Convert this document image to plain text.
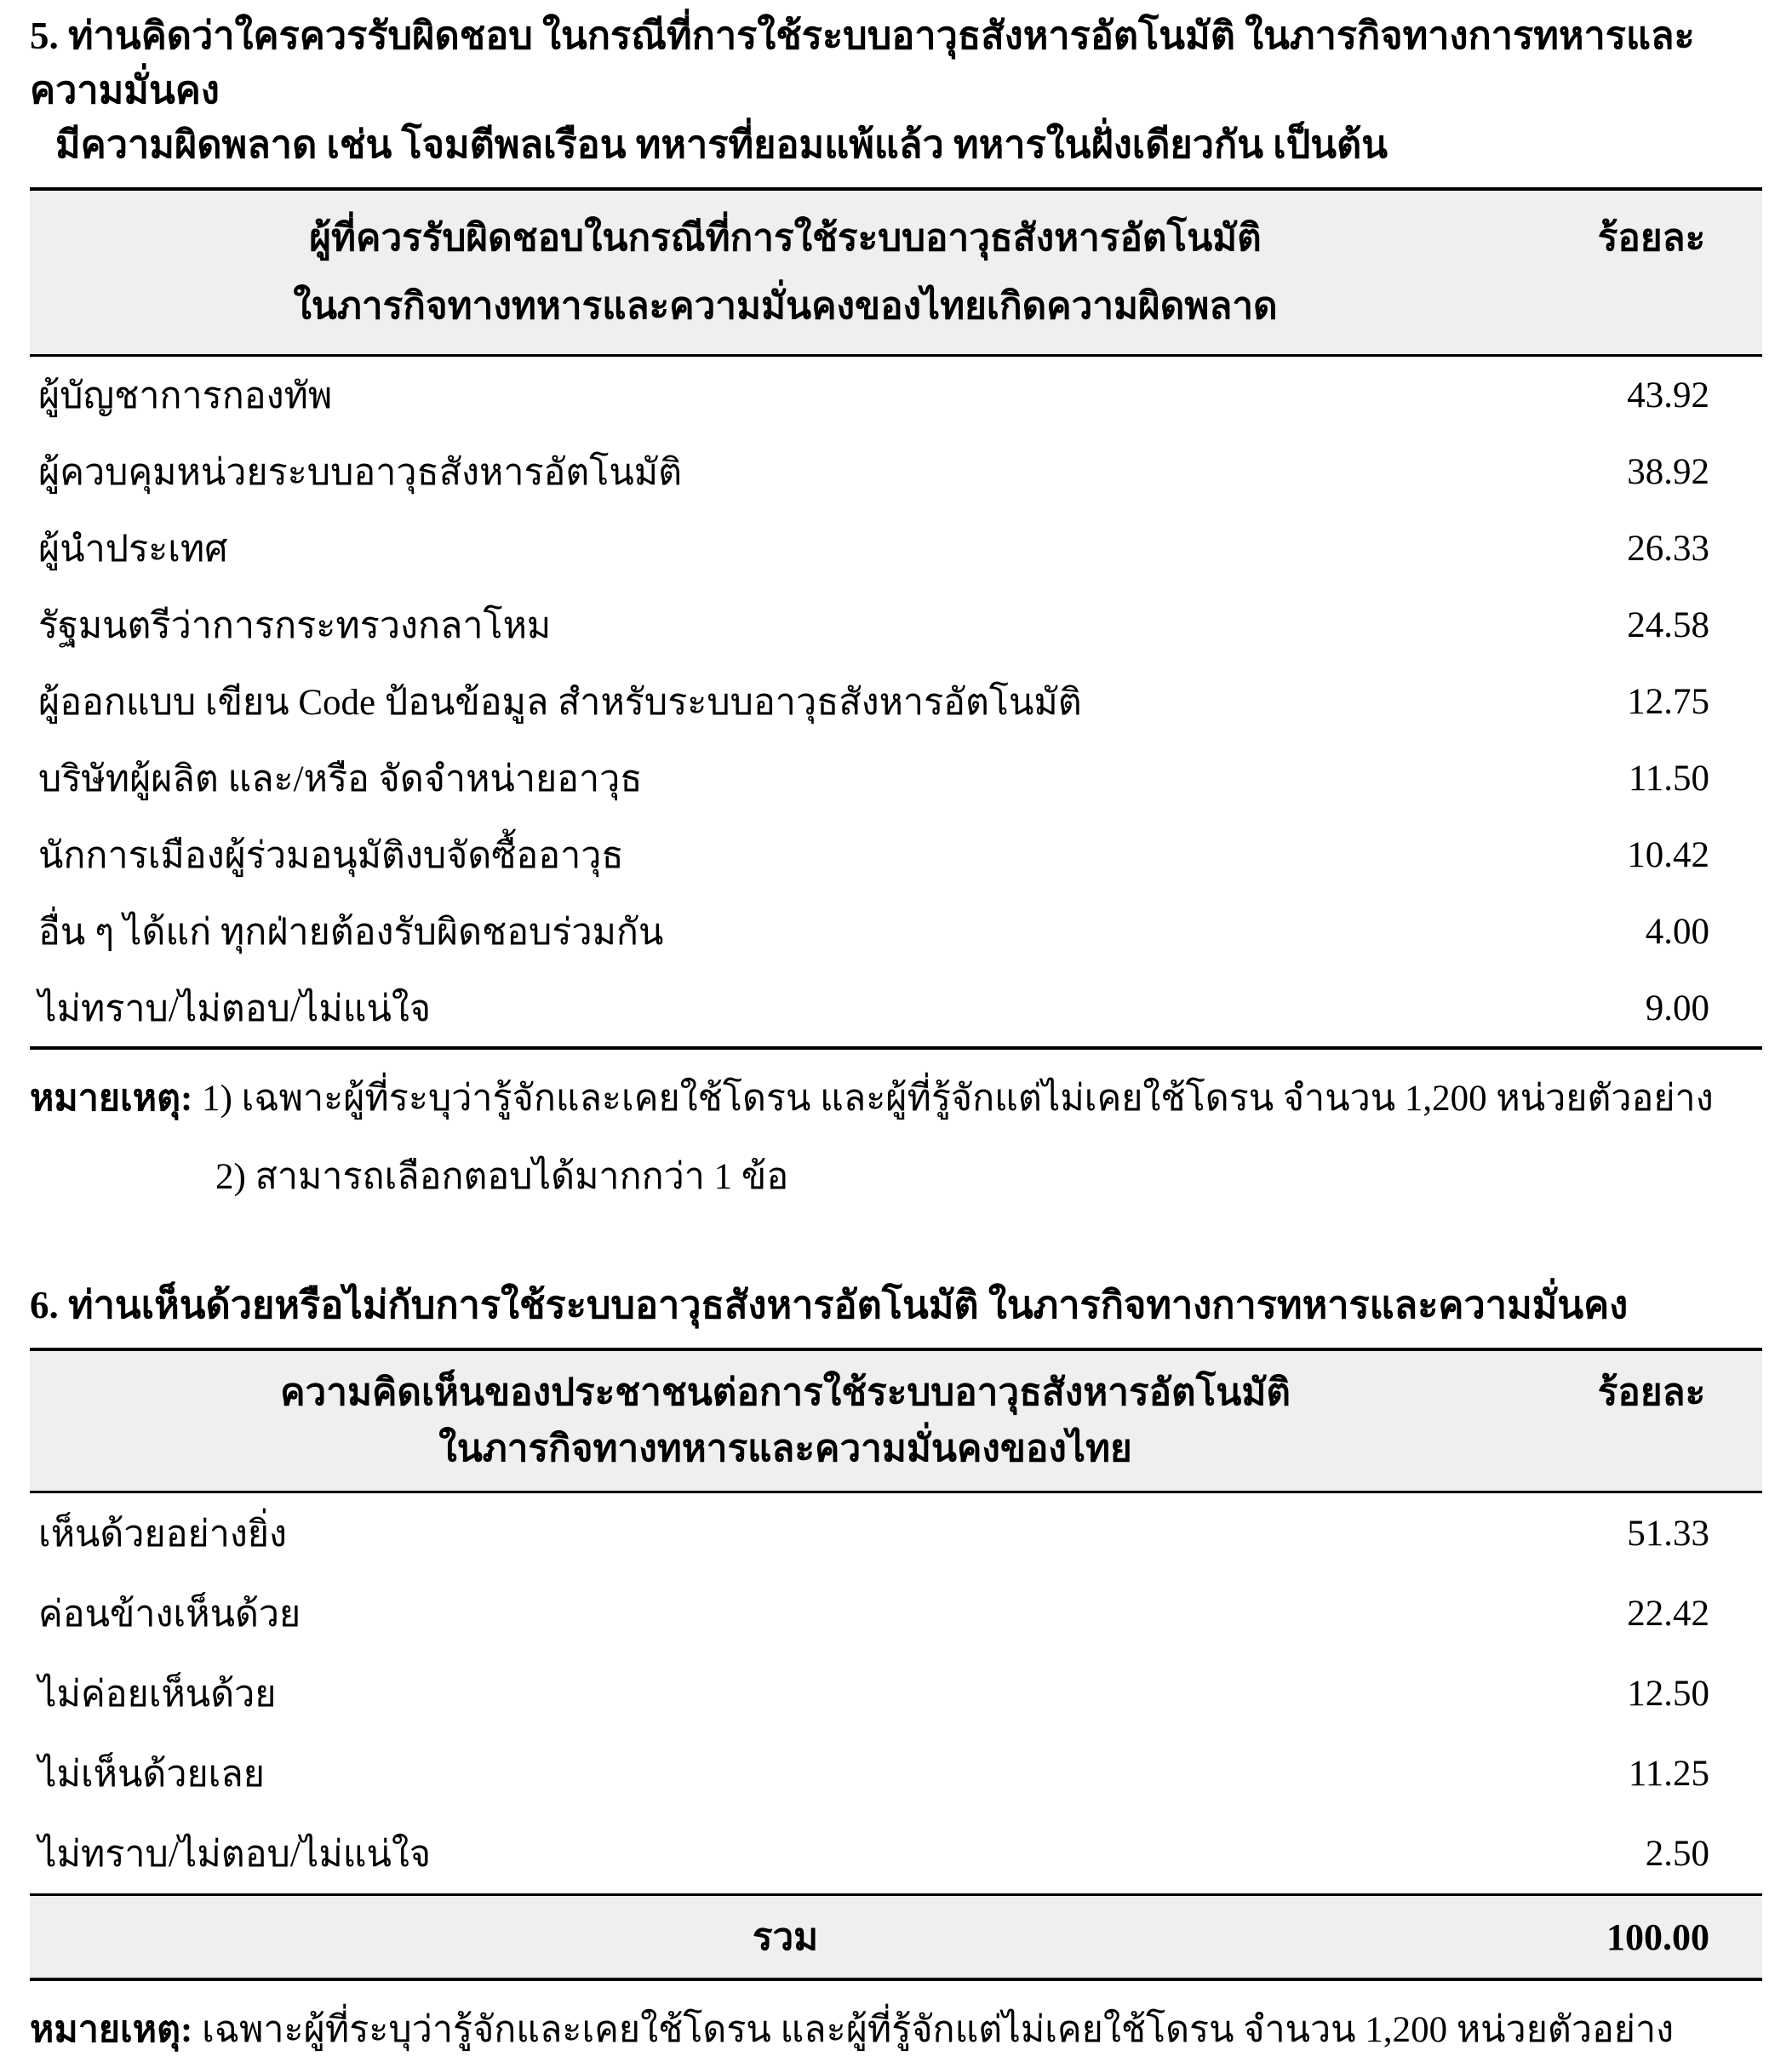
5. ท่านคิดว่าใครควรรับผิดชอบ ในกรณีที่การใช้ระบบอาวุธสังหารอัตโนมัติ ในภารกิจทางการทหารและความมั่นคง
มีความผิดพลาด เช่น โจมตีพลเรือน ทหารที่ยอมแพ้แล้ว ทหารในฝั่งเดียวกัน เป็นต้น
ผู้ที่ควรรับผิดชอบในกรณีที่การใช้ระบบอาวุธสังหารอัตโนมัติ
ในภารกิจทางทหารและความมั่นคงของไทยเกิดความผิดพลาด
ร้อยละ
ผู้บัญชาการกองทัพ	43.92
ผู้ควบคุมหน่วยระบบอาวุธสังหารอัตโนมัติ	38.92
ผู้นำประเทศ	26.33
รัฐมนตรีว่าการกระทรวงกลาโหม	24.58
ผู้ออกแบบ เขียน Code ป้อนข้อมูล สำหรับระบบอาวุธสังหารอัตโนมัติ	12.75
บริษัทผู้ผลิต และ/หรือ จัดจำหน่ายอาวุธ	11.50
นักการเมืองผู้ร่วมอนุมัติงบจัดซื้ออาวุธ	10.42
อื่น ๆ ได้แก่ ทุกฝ่ายต้องรับผิดชอบร่วมกัน	4.00
ไม่ทราบ/ไม่ตอบ/ไม่แน่ใจ	9.00
หมายเหตุ: 1) เฉพาะผู้ที่ระบุว่ารู้จักและเคยใช้โดรน และผู้ที่รู้จักแต่ไม่เคยใช้โดรน จำนวน 1,200 หน่วยตัวอย่าง
2) สามารถเลือกตอบได้มากกว่า 1 ข้อ
6. ท่านเห็นด้วยหรือไม่กับการใช้ระบบอาวุธสังหารอัตโนมัติ ในภารกิจทางการทหารและความมั่นคง
ความคิดเห็นของประชาชนต่อการใช้ระบบอาวุธสังหารอัตโนมัติ
ในภารกิจทางทหารและความมั่นคงของไทย
ร้อยละ
เห็นด้วยอย่างยิ่ง	51.33
ค่อนข้างเห็นด้วย	22.42
ไม่ค่อยเห็นด้วย	12.50
ไม่เห็นด้วยเลย	11.25
ไม่ทราบ/ไม่ตอบ/ไม่แน่ใจ	2.50
รวม	100.00
หมายเหตุ: เฉพาะผู้ที่ระบุว่ารู้จักและเคยใช้โดรน และผู้ที่รู้จักแต่ไม่เคยใช้โดรน จำนวน 1,200 หน่วยตัวอย่าง
